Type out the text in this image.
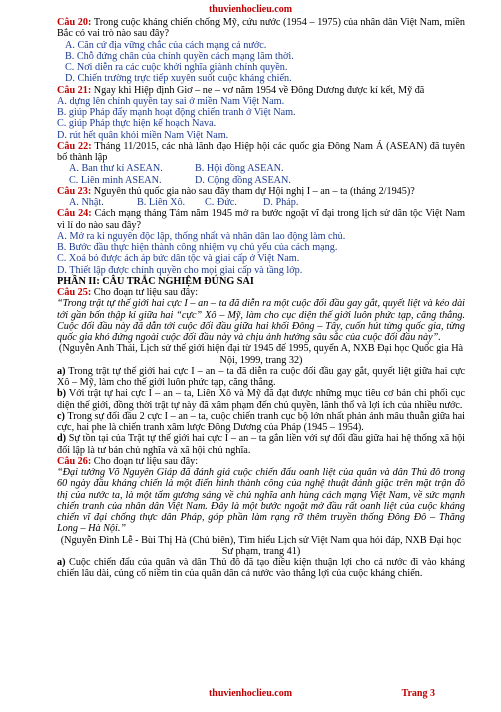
thuvienhoclieu.com

Câu 20: Trong cuộc kháng chiến chống Mỹ, cứu nước (1954 – 1975) của nhân dân Việt Nam, miền Bắc có vai trò nào sau đây?

A. Căn cứ địa vững chắc của cách mạng cả nước.

B. Chỗ đứng chân của chính quyền cách mạng lâm thời.

C. Nơi diễn ra các cuộc khởi nghĩa giành chính quyền.

D. Chiến trường trực tiếp xuyên suốt cuộc kháng chiến.

Câu 21: Ngay khi Hiệp định Giơ – ne – vơ năm 1954 về Đông Dương được kí kết, Mỹ đã

A. dựng lên chính quyền tay sai ở miền Nam Việt Nam.

B. giúp Pháp đẩy mạnh hoạt động chiến tranh ở Việt Nam.

C. giúp Pháp thực hiện kế hoạch Nava.

D. rút hết quân khỏi miền Nam Việt Nam.

Câu 22: Tháng 11/2015, các nhà lãnh đạo Hiệp hội các quốc gia Đông Nam Á (ASEAN) đã tuyên bố thành lập

A. Ban thư kí ASEAN.	B. Hội đồng ASEAN.
C. Liên minh ASEAN.	D. Cộng đồng ASEAN.

Câu 23: Nguyên thủ quốc gia nào sau đây tham dự Hội nghị I – an – ta (tháng 2/1945)?

A. Nhật.	B. Liên Xô.	C. Đức.	D. Pháp.

Câu 24: Cách mạng tháng Tám năm 1945 mở ra bước ngoặt vĩ đại trong lịch sử dân tộc Việt Nam vì lí do nào sau đây?

A. Mở ra kỉ nguyên độc lập, thống nhất và nhân dân lao động làm chủ.

B. Bước đầu thực hiện thành công nhiệm vụ chủ yếu của cách mạng.

C. Xoá bỏ được ách áp bức dân tộc và giai cấp ở Việt Nam.

D. Thiết lập được chính quyền cho mọi giai cấp và tầng lớp.

PHẦN II: CÂU TRẮC NGHIỆM ĐÚNG SAI

Câu 25: Cho đoạn tư liệu sau đây:

“Trong trật tự thế giới hai cực I – an – ta đã diễn ra một cuộc đối đầu gay gắt, quyết liệt và kéo dài tới gần bốn thập kỉ giữa hai “cực” Xô – Mỹ, làm cho cục diện thế giới luôn phức tạp, căng thẳng. Cuộc đối đầu này đã dẫn tới cuộc đối đầu giữa hai khối Đông – Tây, cuốn hút từng quốc gia, từng quốc gia khó đứng ngoài cuộc đối đầu này và chịu ảnh hưởng sâu sắc của cuộc đối đầu này”.

(Nguyễn Anh Thái, Lịch sử thế giới hiện đại từ 1945 đế 1995, quyển A, NXB Đại học Quốc gia Hà Nội, 1999, trang 32)

a) Trong trật tự thế giới hai cực I – an – ta đã diễn ra cuộc đối đầu gay gắt, quyết liệt giữa hai cực Xô – Mỹ, làm cho thế giới luôn phức tạp, căng thẳng.

b) Với trật tự hai cực I – an – ta, Liên Xô và Mỹ đã đạt được những mục tiêu cơ bản chi phối cục diện thế giới, đồng thời trật tự này đã xâm phạm đến chủ quyền, lãnh thổ và lợi ích của nhiều nước.

c) Trong sự đối đầu 2 cực I – an – ta, cuộc chiến tranh cục bộ lớn nhất phản ánh mâu thuẫn giữa hai cực, hai phe là chiến tranh xâm lược Đông Dương của Pháp (1945 – 1954).

d) Sự tồn tại của Trật tự thế giới hai cực I – an – ta gắn liền với sự đối đầu giữa hai hệ thống xã hội đối lập là tư bản chủ nghĩa và xã hội chủ nghĩa.

Câu 26: Cho đoạn tư liệu sau đây:

“Đại tướng Võ Nguyên Giáp đã đánh giá cuộc chiến đấu oanh liệt của quân và dân Thủ đô trong 60 ngày đầu kháng chiến là một điển hình thành công của nghệ thuật đánh giặc trên mặt trận đô thị của nước ta, là một tấm gương sáng về chủ nghĩa anh hùng cách mạng Việt Nam, về sức mạnh chiến tranh của nhân dân Việt Nam. Đây là một bước ngoặt mở đầu rất oanh liệt của cuộc kháng chiến vĩ đại chống thực dân Pháp, góp phần làm rạng rỡ thêm truyền thống Đông Đô – Thăng Long – Hà Nội.”

(Nguyễn Đình Lễ - Bùi Thị Hà (Chủ biên), Tìm hiểu Lịch sử Việt Nam qua hỏi đáp, NXB Đại học Sư phạm, trang 41)

a) Cuộc chiến đấu của quân và dân Thủ đô đã tạo điều kiện thuận lợi cho cả nước đi vào kháng chiến lâu dài, củng cố niềm tin của quân dân cả nước vào thắng lợi của cuộc kháng chiến.

thuvienhoclieu.com	Trang 3
